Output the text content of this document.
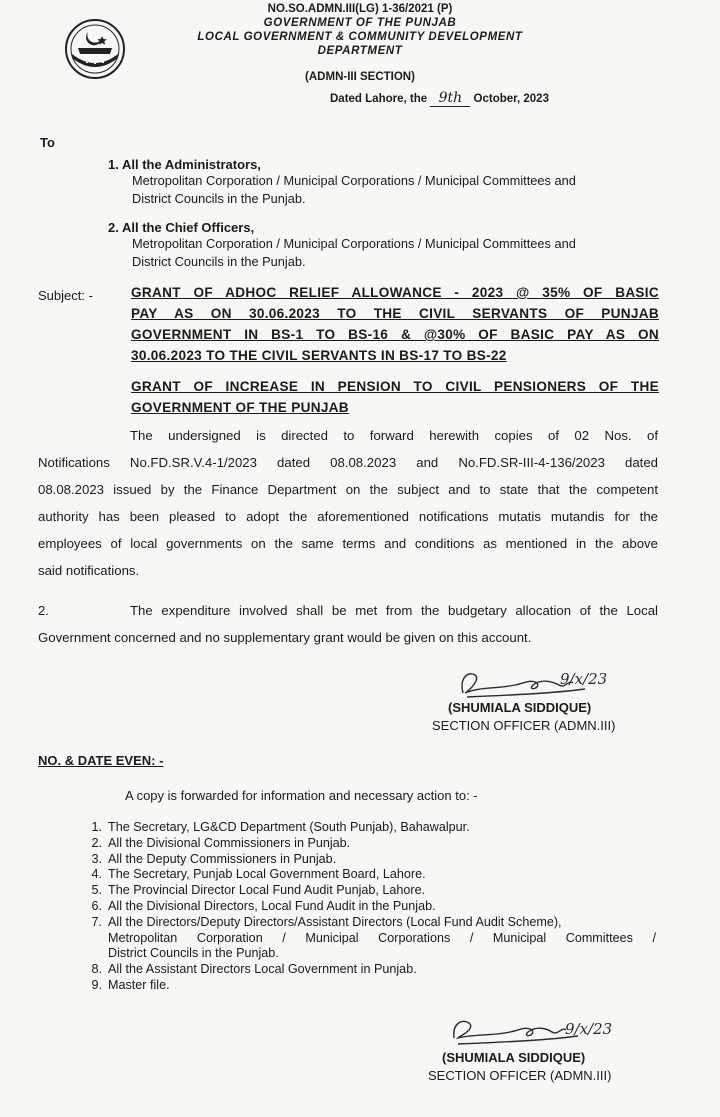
NO.SO.ADMN.III(LG) 1-36/2021 (P)
GOVERNMENT OF THE PUNJAB
LOCAL GOVERNMENT & COMMUNITY DEVELOPMENT
DEPARTMENT
(ADMN-III SECTION)
Dated Lahore, the 9th October, 2023
To
1. All the Administrators,
Metropolitan Corporation / Municipal Corporations / Municipal Committees and
District Councils in the Punjab.
2. All the Chief Officers,
Metropolitan Corporation / Municipal Corporations / Municipal Committees and
District Councils in the Punjab.
Subject: -	GRANT OF ADHOC RELIEF ALLOWANCE - 2023 @ 35% OF BASIC
PAY AS ON 30.06.2023 TO THE CIVIL SERVANTS OF PUNJAB
GOVERNMENT IN BS-1 TO BS-16 & @30% OF BASIC PAY AS ON
30.06.2023 TO THE CIVIL SERVANTS IN BS-17 TO BS-22
GRANT OF INCREASE IN PENSION TO CIVIL PENSIONERS OF THE
GOVERNMENT OF THE PUNJAB
The undersigned is directed to forward herewith copies of 02 Nos. of
Notifications No.FD.SR.V.4-1/2023 dated 08.08.2023 and No.FD.SR-III-4-136/2023 dated
08.08.2023 issued by the Finance Department on the subject and to state that the competent
authority has been pleased to adopt the aforementioned notifications mutatis mutandis for the
employees of local governments on the same terms and conditions as mentioned in the above
said notifications.
2.	The expenditure involved shall be met from the budgetary allocation of the Local
Government concerned and no supplementary grant would be given on this account.
9/x/23
(SHUMIALA SIDDIQUE)
SECTION OFFICER (ADMN.III)
NO. & DATE EVEN: -
A copy is forwarded for information and necessary action to: -
1. The Secretary, LG&CD Department (South Punjab), Bahawalpur.
2. All the Divisional Commissioners in Punjab.
3. All the Deputy Commissioners in Punjab.
4. The Secretary, Punjab Local Government Board, Lahore.
5. The Provincial Director Local Fund Audit Punjab, Lahore.
6. All the Divisional Directors, Local Fund Audit in the Punjab.
7. All the Directors/Deputy Directors/Assistant Directors (Local Fund Audit Scheme),
Metropolitan Corporation / Municipal Corporations / Municipal Committees /
District Councils in the Punjab.
8. All the Assistant Directors Local Government in Punjab.
9. Master file.
9/x/23
(SHUMIALA SIDDIQUE)
SECTION OFFICER (ADMN.III)
